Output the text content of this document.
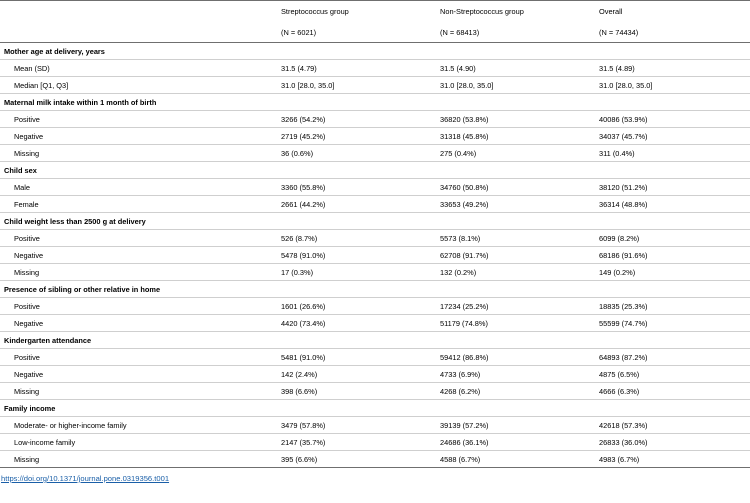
	Streptococcus group	Non-Streptococcus group	Overall
	(N = 6021)	(N = 68413)	(N = 74434)
Mother age at delivery, years			
Mean (SD)	31.5 (4.79)	31.5 (4.90)	31.5 (4.89)
Median [Q1, Q3]	31.0 [28.0, 35.0]	31.0 [28.0, 35.0]	31.0 [28.0, 35.0]
Maternal milk intake within 1 month of birth			
Positive	3266 (54.2%)	36820 (53.8%)	40086 (53.9%)
Negative	2719 (45.2%)	31318 (45.8%)	34037 (45.7%)
Missing	36 (0.6%)	275 (0.4%)	311 (0.4%)
Child sex			
Male	3360 (55.8%)	34760 (50.8%)	38120 (51.2%)
Female	2661 (44.2%)	33653 (49.2%)	36314 (48.8%)
Child weight less than 2500 g at delivery			
Positive	526 (8.7%)	5573 (8.1%)	6099 (8.2%)
Negative	5478 (91.0%)	62708 (91.7%)	68186 (91.6%)
Missing	17 (0.3%)	132 (0.2%)	149 (0.2%)
Presence of sibling or other relative in home			
Positive	1601 (26.6%)	17234 (25.2%)	18835 (25.3%)
Negative	4420 (73.4%)	51179 (74.8%)	55599 (74.7%)
Kindergarten attendance			
Positive	5481 (91.0%)	59412 (86.8%)	64893 (87.2%)
Negative	142 (2.4%)	4733 (6.9%)	4875 (6.5%)
Missing	398 (6.6%)	4268 (6.2%)	4666 (6.3%)
Family income			
Moderate- or higher-income family	3479 (57.8%)	39139 (57.2%)	42618 (57.3%)
Low-income family	2147 (35.7%)	24686 (36.1%)	26833 (36.0%)
Missing	395 (6.6%)	4588 (6.7%)	4983 (6.7%)
https://doi.org/10.1371/journal.pone.0319356.t001
